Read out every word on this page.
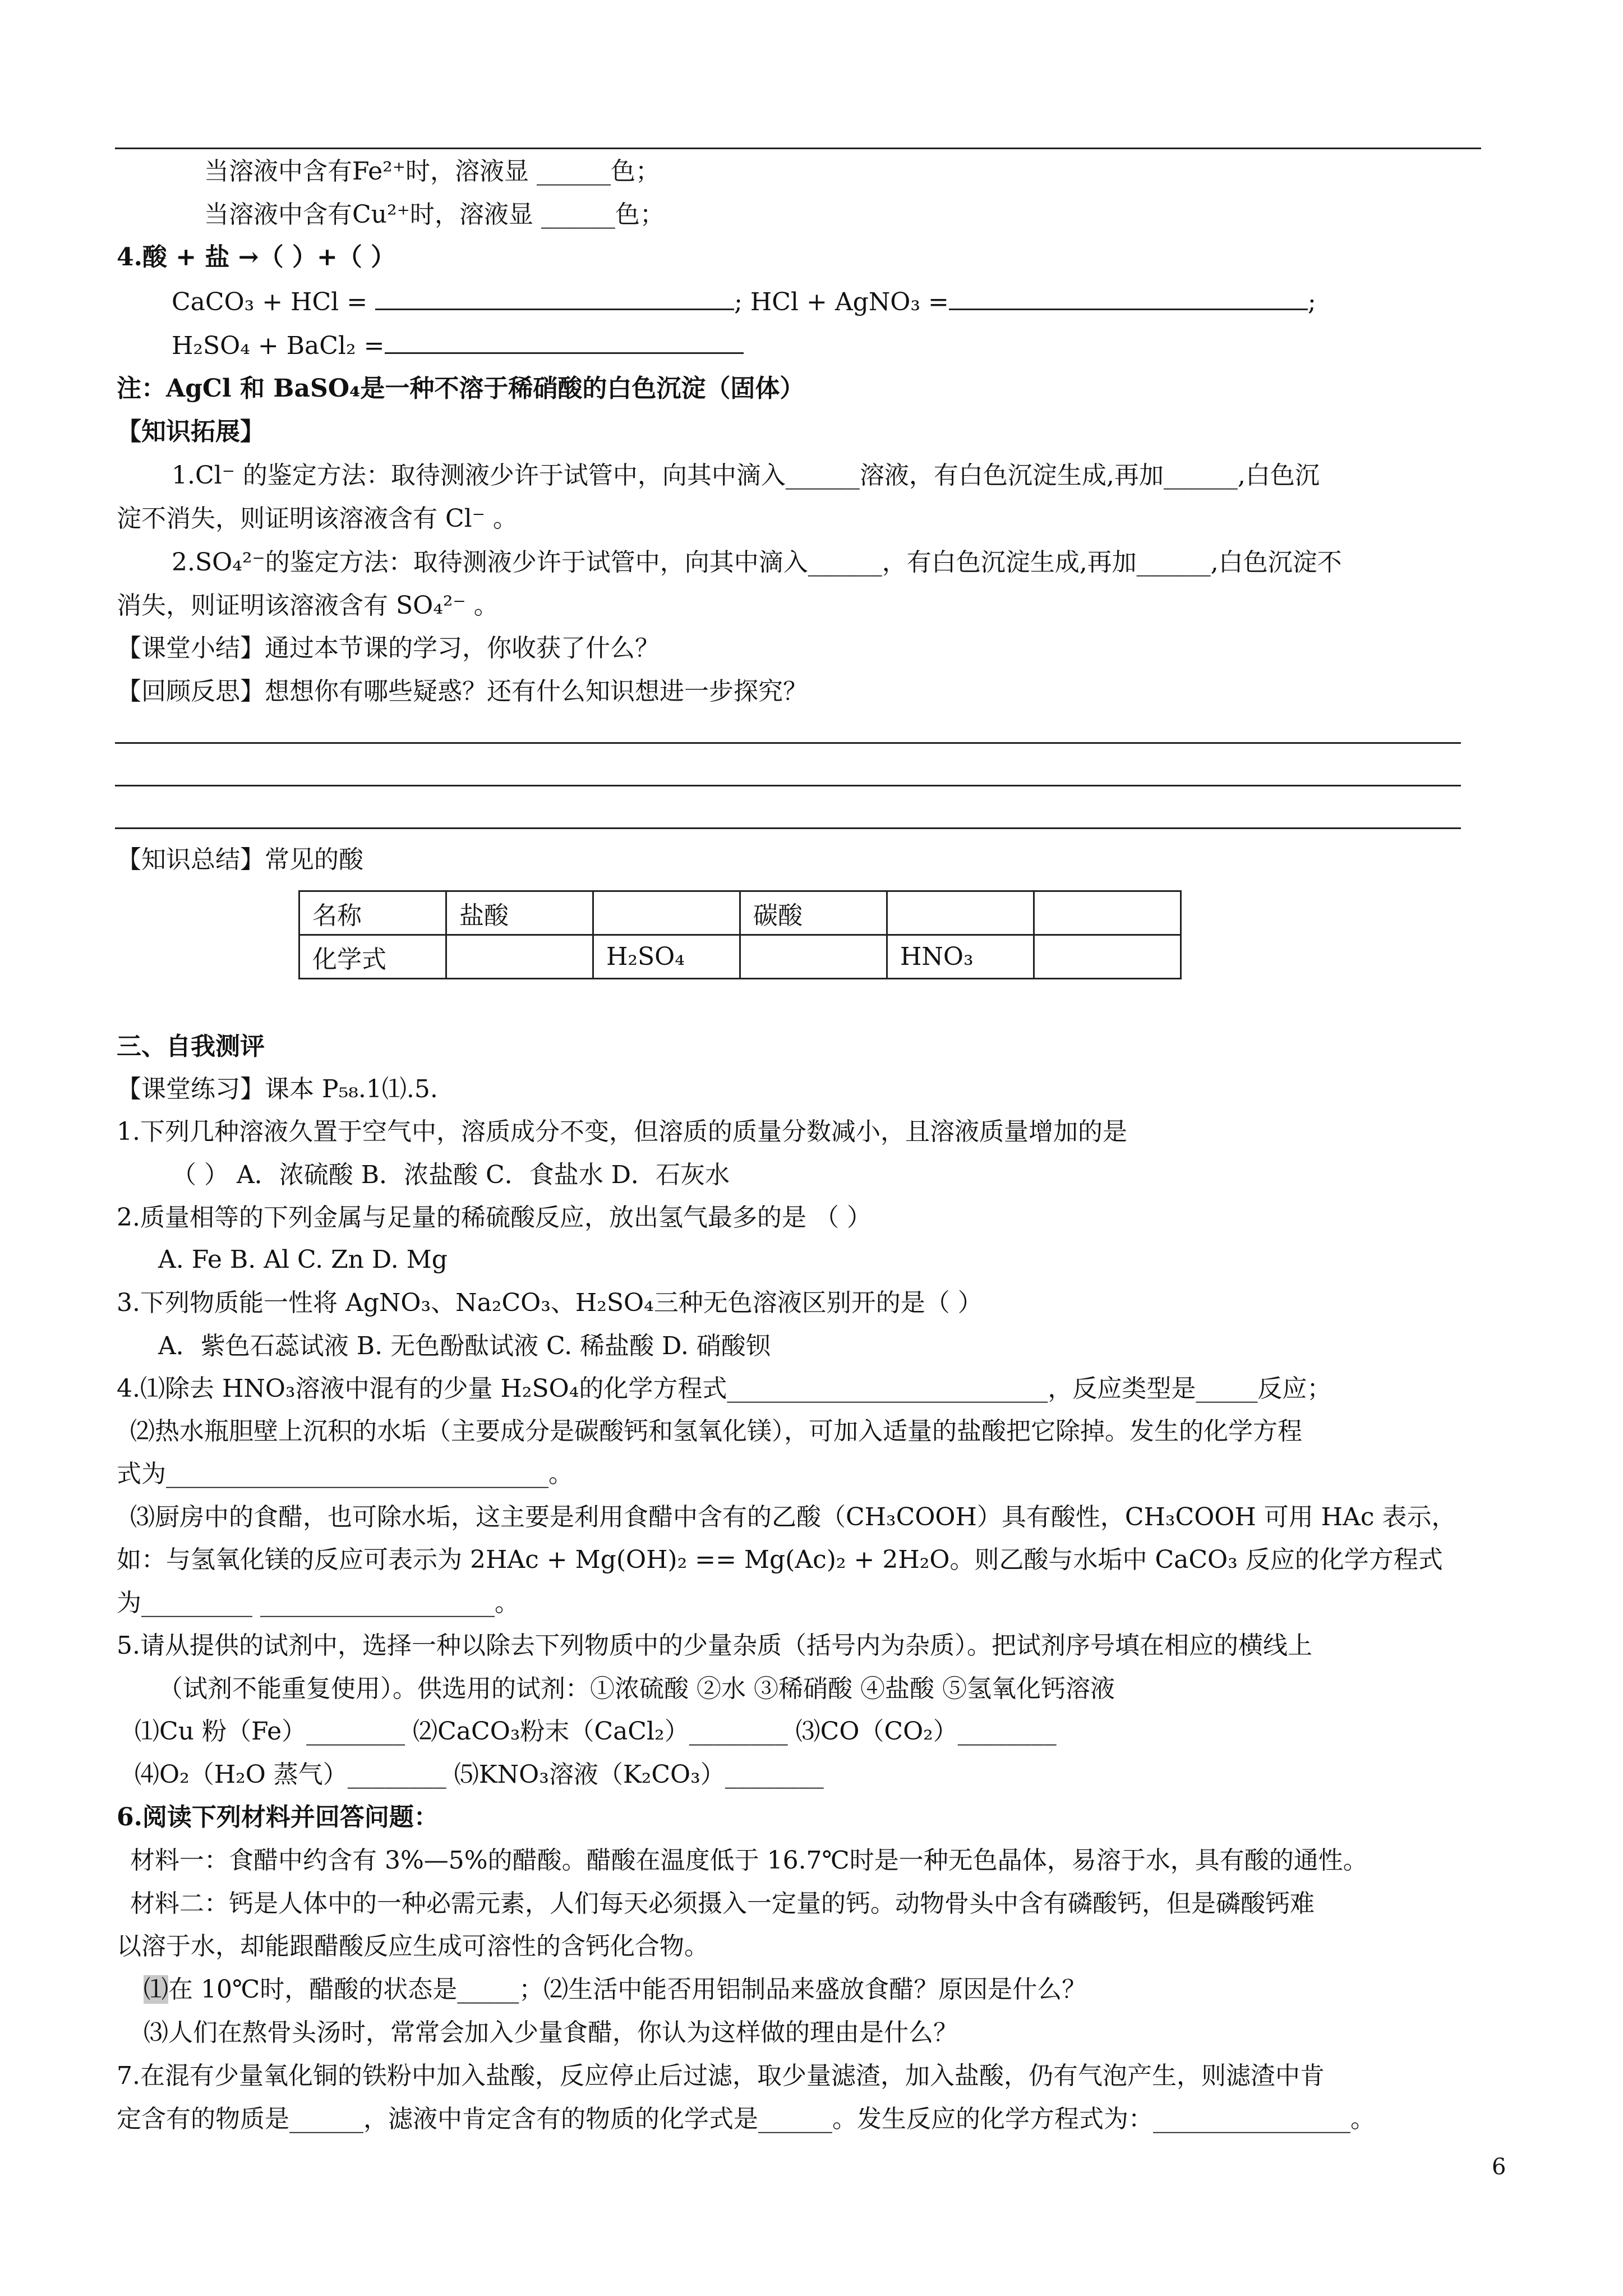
当溶液中含有Fe²⁺时，溶液显 ______色；
当溶液中含有Cu²⁺时，溶液显 ______色；
4.酸 + 盐 →（ ）+（ ）
CaCO₃ + HCl =	; HCl + AgNO₃ =	;
H₂SO₄ + BaCl₂ =
注：AgCl 和 BaSO₄是一种不溶于稀硝酸的白色沉淀（固体）
【知识拓展】
1.Cl⁻ 的鉴定方法：取待测液少许于试管中，向其中滴入______溶液，有白色沉淀生成,再加______,白色沉
淀不消失，则证明该溶液含有 Cl⁻ 。
2.SO₄²⁻的鉴定方法：取待测液少许于试管中，向其中滴入______，有白色沉淀生成,再加______,白色沉淀不
消失，则证明该溶液含有 SO₄²⁻ 。
【课堂小结】通过本节课的学习，你收获了什么？
【回顾反思】想想你有哪些疑惑？还有什么知识想进一步探究？
【知识总结】常见的酸
名称	盐酸		碳酸		
化学式		H₂SO₄		HNO₃	
三、自我测评
【课堂练习】课本 P₅₈.1⑴.5.
1.下列几种溶液久置于空气中，溶质成分不变，但溶质的质量分数减小，且溶液质量增加的是
（ ） A．浓硫酸 B．浓盐酸 C．食盐水 D．石灰水
2.质量相等的下列金属与足量的稀硫酸反应，放出氢气最多的是 （ ）
A. Fe B. Al C. Zn D. Mg
3.下列物质能一性将 AgNO₃、Na₂CO₃、H₂SO₄三种无色溶液区别开的是（ ）
A．紫色石蕊试液 B. 无色酚酞试液 C. 稀盐酸 D. 硝酸钡
4.⑴除去 HNO₃溶液中混有的少量 H₂SO₄的化学方程式__________________________，反应类型是_____反应；
⑵热水瓶胆壁上沉积的水垢（主要成分是碳酸钙和氢氧化镁），可加入适量的盐酸把它除掉。发生的化学方程
式为_______________________________。
⑶厨房中的食醋，也可除水垢，这主要是利用食醋中含有的乙酸（CH₃COOH）具有酸性，CH₃COOH 可用 HAc 表示，
如：与氢氧化镁的反应可表示为 2HAc + Mg(OH)₂ == Mg(Ac)₂ + 2H₂O。则乙酸与水垢中 CaCO₃ 反应的化学方程式
为_________ ___________________。
5.请从提供的试剂中，选择一种以除去下列物质中的少量杂质（括号内为杂质）。把试剂序号填在相应的横线上
（试剂不能重复使用）。供选用的试剂：①浓硫酸 ②水 ③稀硝酸 ④盐酸 ⑤氢氧化钙溶液
⑴Cu 粉（Fe）________ ⑵CaCO₃粉末（CaCl₂）________ ⑶CO（CO₂）________
⑷O₂（H₂O 蒸气）________ ⑸KNO₃溶液（K₂CO₃）________
6.阅读下列材料并回答问题：
材料一：食醋中约含有 3%—5%的醋酸。醋酸在温度低于 16.7℃时是一种无色晶体，易溶于水，具有酸的通性。
材料二：钙是人体中的一种必需元素，人们每天必须摄入一定量的钙。动物骨头中含有磷酸钙，但是磷酸钙难
以溶于水，却能跟醋酸反应生成可溶性的含钙化合物。
⑴在 10℃时，醋酸的状态是_____；⑵生活中能否用铝制品来盛放食醋？原因是什么？
⑶人们在熬骨头汤时，常常会加入少量食醋，你认为这样做的理由是什么？
7.在混有少量氧化铜的铁粉中加入盐酸，反应停止后过滤，取少量滤渣，加入盐酸，仍有气泡产生，则滤渣中肯
定含有的物质是______，滤液中肯定含有的物质的化学式是______。发生反应的化学方程式为：________________。
6
